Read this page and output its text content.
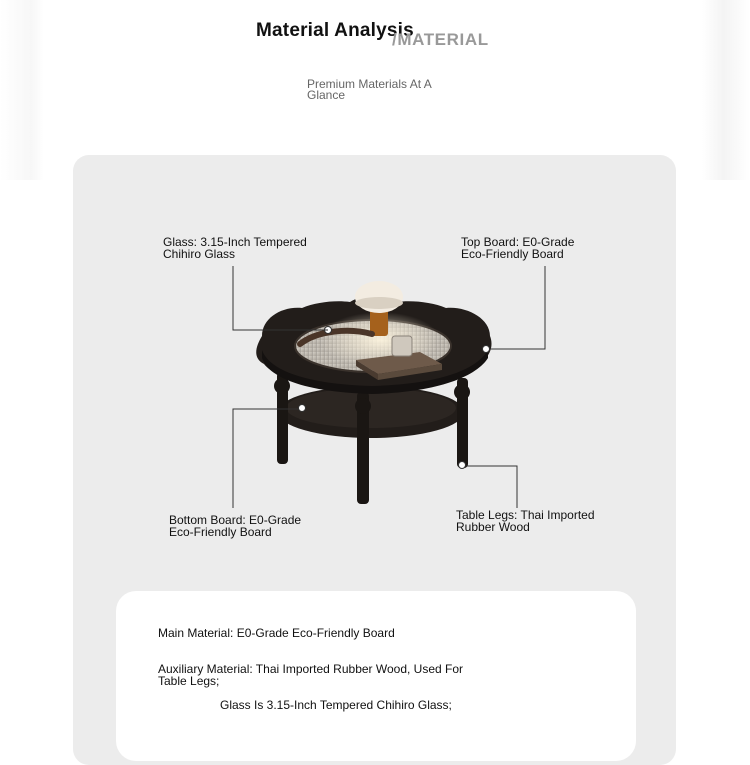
Material Analysis
/MATERIAL
Premium Materials At A Glance
Glass: 3.15-Inch Tempered Chihiro Glass
Top Board: E0-Grade Eco-Friendly Board
Bottom Board: E0-Grade Eco-Friendly Board
Table Legs: Thai Imported Rubber Wood
Main Material: E0-Grade Eco-Friendly Board
Auxiliary Material: Thai Imported Rubber Wood, Used For Table Legs;
Glass Is 3.15-Inch Tempered Chihiro Glass;
